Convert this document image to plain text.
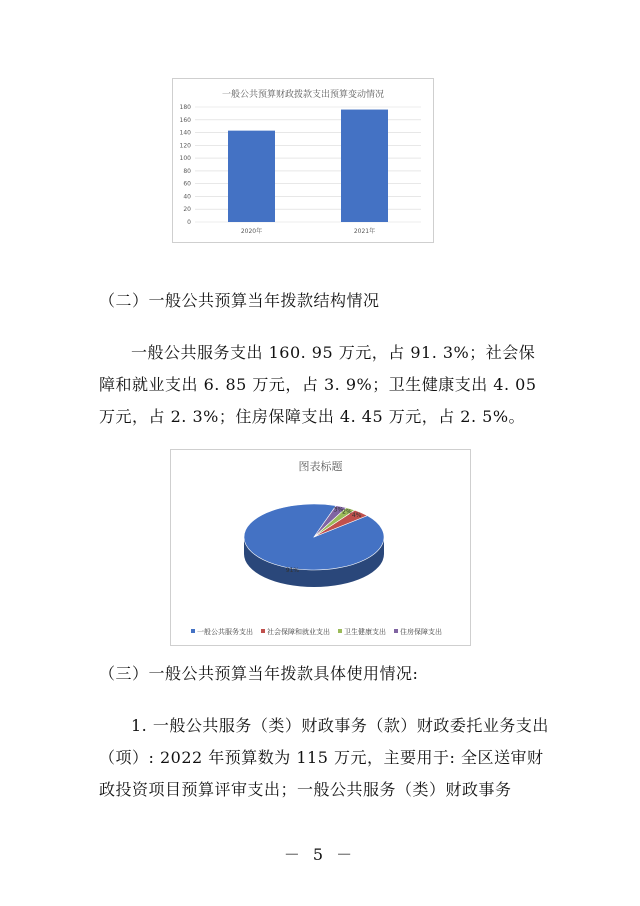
一般公共预算财政拨款支出预算变动情况
0
20
40
60
80
100
120
140
160
180
2020年	2021年
（二）一般公共预算当年拨款结构情况

一般公共服务支出 160. 95 万元，占 91. 3%；社会保障和就业支出 6. 85 万元，占 3. 9%；卫生健康支出 4. 05 万元，占 2. 3%；住房保障支出 4. 45 万元，占 2. 5%。

图表标题
91%
4%
2%
3%
一般公共服务支出 社会保障和就业支出 卫生健康支出 住房保障支出
（三）一般公共预算当年拨款具体使用情况:

1. 一般公共服务（类）财政事务（款）财政委托业务支出（项）: 2022 年预算数为 115 万元，主要用于: 全区送审财政投资项目预算评审支出；一般公共服务（类）财政事务

－ 5 －
